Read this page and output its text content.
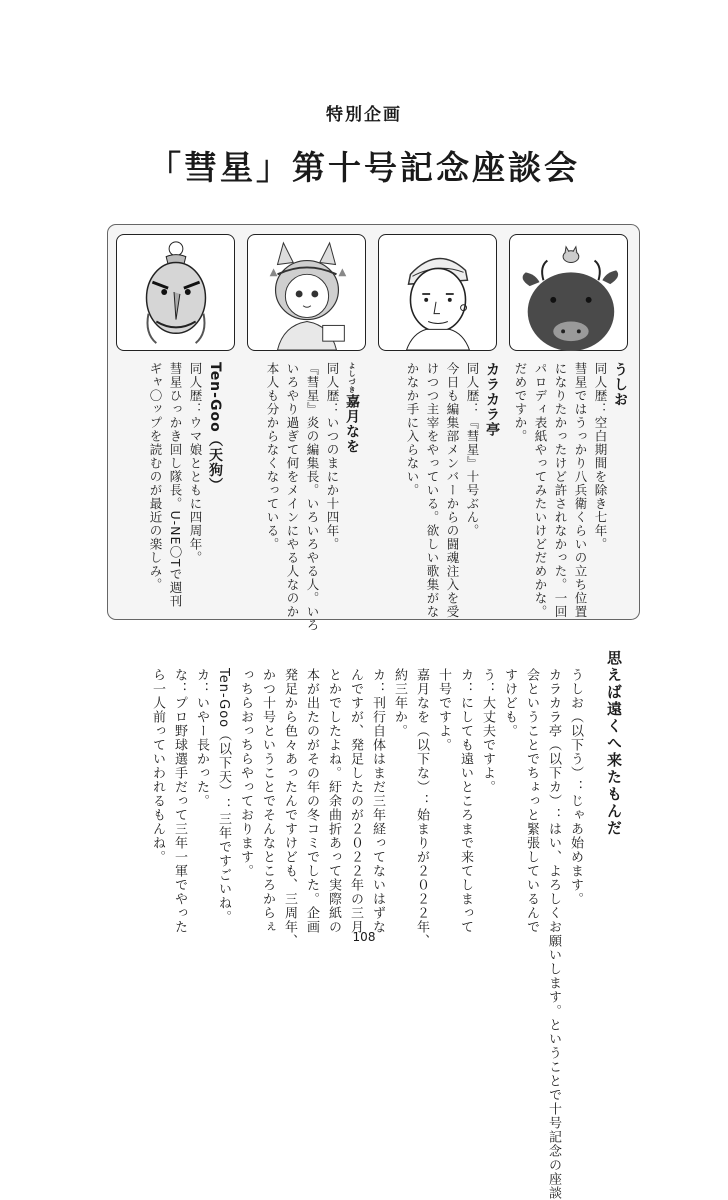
特別企画
「彗星」第十号記念座談会
うしお
同人歴：空白期間を除き七年。
彗星ではうっかり八兵衛くらいの立ち位置
になりたかったけど許されなかった。一回
パロディ表紙やってみたいけどだめかな。
だめですか。
カラカラ亭
同人歴：『彗星』十号ぶん。
今日も編集部メンバーからの闘魂注入を受
けつつ主宰をやっている。欲しい歌集がな
かなか手に入らない。
よしづき嘉月なを
同人歴：いつのまにか十四年。
『彗星』炎の編集長。いろいろやる人。いろ
いろやり過ぎて何をメインにやる人なのか
本人も分からなくなっている。
Ten-Goo（天狗）
同人歴：ウマ娘とともに四周年。
彗星ひっかき回し隊長。U-NE〇Tで週刊
ギャ〇ップを読むのが最近の楽しみ。
思えば遠くへ来たもんだ
うしお（以下う）：じゃあ始めます。
カラカラ亭（以下カ）：はい、よろしくお願いします。ということで十号記念の座談
会ということでちょっと緊張しているんで
すけども。
う：大丈夫ですよ。
カ：にしても遠いところまで来てしまって
十号ですよ。
嘉月なを（以下な）：始まりが２０２２年、
約三年か。
カ：刊行自体はまだ三年経ってないはずな
んですが、発足したのが２０２２年の三月
とかでしたよね。紆余曲折あって実際紙の
本が出たのがその年の冬コミでした。企画
発足から色々あったんですけども、三周年、
かつ十号ということでそんなところからぇ
っちらおっちらやっております。
Ten-Goo（以下天）：三年ですごいね。
カ：いやー長かった。
な：プロ野球選手だって三年一軍でやった
ら一人前っていわれるもんね。
108
